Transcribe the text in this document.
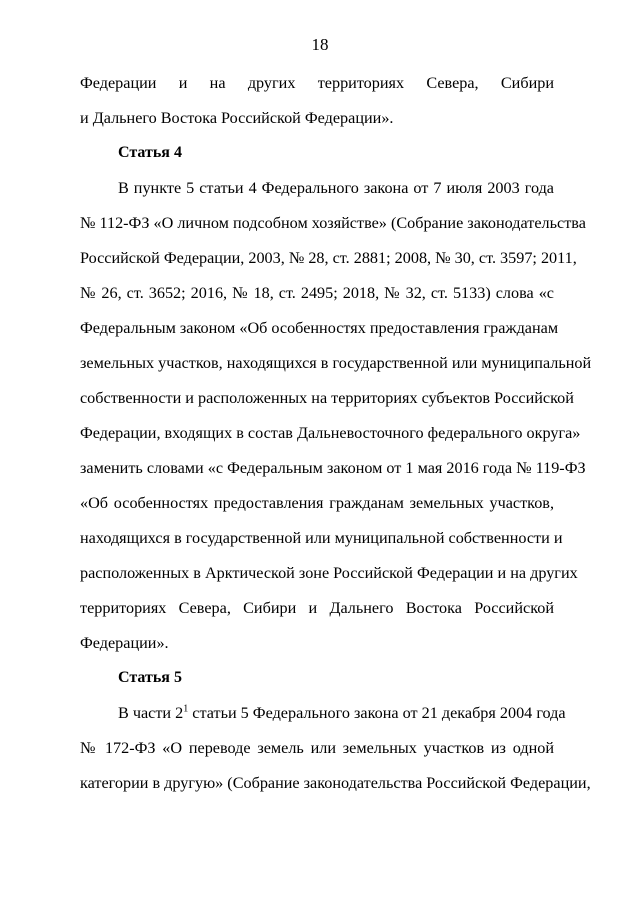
18
Федерации и на других территориях Севера, Сибири
и Дальнего Востока Российской Федерации».
Статья 4
В пункте 5 статьи 4 Федерального закона от 7 июля 2003 года
№ 112-ФЗ «О личном подсобном хозяйстве» (Собрание законодательства
Российской Федерации, 2003, № 28, ст. 2881; 2008, № 30, ст. 3597; 2011,
№ 26, ст. 3652; 2016, № 18, ст. 2495; 2018, № 32, ст. 5133) слова «с
Федеральным законом «Об особенностях предоставления гражданам
земельных участков, находящихся в государственной или муниципальной
собственности и расположенных на территориях субъектов Российской
Федерации, входящих в состав Дальневосточного федерального округа»
заменить словами «с Федеральным законом от 1 мая 2016 года № 119-ФЗ
«Об особенностях предоставления гражданам земельных участков,
находящихся в государственной или муниципальной собственности и
расположенных в Арктической зоне Российской Федерации и на других
территориях Севера, Сибири и Дальнего Востока Российской
Федерации».
Статья 5
В части $2^1$ статьи 5 Федерального закона от 21 декабря 2004 года
№ 172-ФЗ «О переводе земель или земельных участков из одной
категории в другую» (Собрание законодательства Российской Федерации,
